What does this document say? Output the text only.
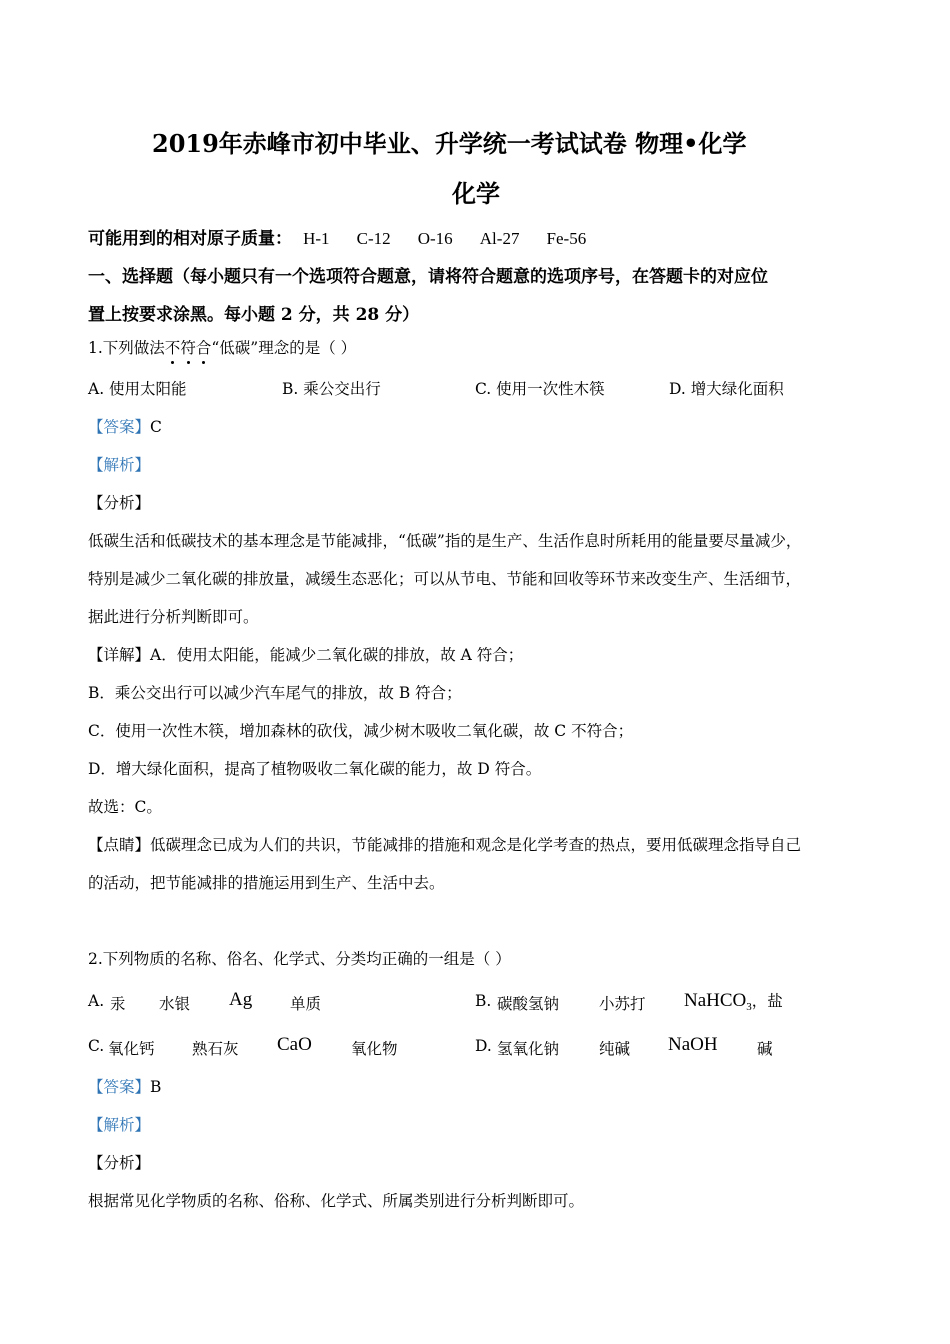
2019年赤峰市初中毕业、升学统一考试试卷 物理•化学
化学
可能用到的相对原子质量： H-1 C-12 O-16 Al-27 Fe-56
一、选择题（每小题只有一个选项符合题意，请将符合题意的选项序号，在答题卡的对应位
置上按要求涂黑。每小题 2 分，共 28 分）
1.下列做法不符合“低碳”理念的是（ ）
A. 使用太阳能	B. 乘公交出行	C. 使用一次性木筷	D. 增大绿化面积
【答案】C
【解析】
【分析】
低碳生活和低碳技术的基本理念是节能减排，“低碳”指的是生产、生活作息时所耗用的能量要尽量减少，
特别是减少二氧化碳的排放量，减缓生态恶化；可以从节电、节能和回收等环节来改变生产、生活细节，
据此进行分析判断即可。
【详解】A．使用太阳能，能减少二氧化碳的排放，故 A 符合；
B．乘公交出行可以减少汽车尾气的排放，故 B 符合；
C．使用一次性木筷，增加森林的砍伐，减少树木吸收二氧化碳，故 C 不符合；
D．增大绿化面积，提高了植物吸收二氧化碳的能力，故 D 符合。
故选：C。
【点睛】低碳理念已成为人们的共识，节能减排的措施和观念是化学考查的热点，要用低碳理念指导自己
的活动，把节能减排的措施运用到生产、生活中去。
2.下列物质的名称、俗名、化学式、分类均正确的一组是（ ）
A. 汞 水银 Ag 单质	B. 碳酸氢钠	小苏打 NaHCO$_3$，盐
C. 氧化钙 熟石灰 CaO	氧化物	D. 氢氧化钠	纯碱 NaOH	碱
【答案】B
【解析】
【分析】
根据常见化学物质的名称、俗称、化学式、所属类别进行分析判断即可。
